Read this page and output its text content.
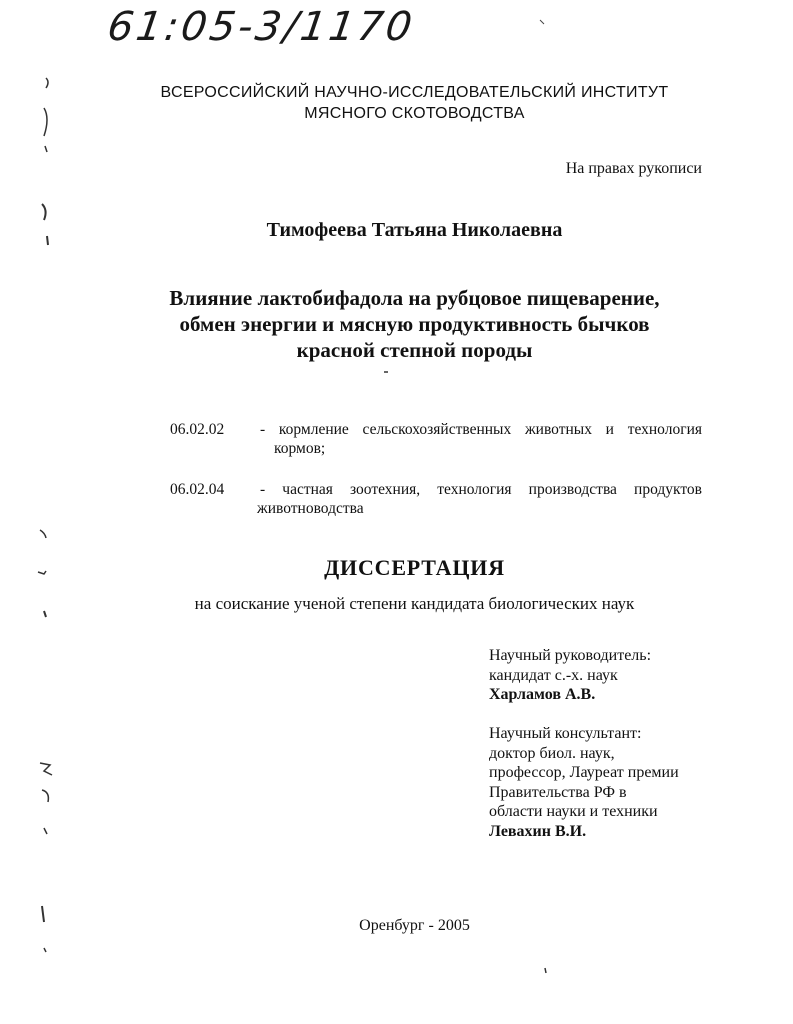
61:05-3/1170
ВСЕРОССИЙСКИЙ НАУЧНО-ИССЛЕДОВАТЕЛЬСКИЙ ИНСТИТУТ
МЯСНОГО СКОТОВОДСТВА
На правах рукописи
Тимофеева Татьяна Николаевна
Влияние лактобифадола на рубцовое пищеварение,
обмен энергии и мясную продуктивность бычков
красной степной породы
06.02.02 - кормление сельскохозяйственных животных и технология
кормов;
06.02.04 - частная зоотехния, технология производства продуктов
животноводства
ДИССЕРТАЦИЯ
на соискание ученой степени кандидата биологических наук
Научный руководитель:
кандидат с.-х. наук
Харламов А.В.
Научный консультант:
доктор биол. наук,
профессор, Лауреат премии
Правительства РФ в
области науки и техники
Левахин В.И.
Оренбург - 2005
